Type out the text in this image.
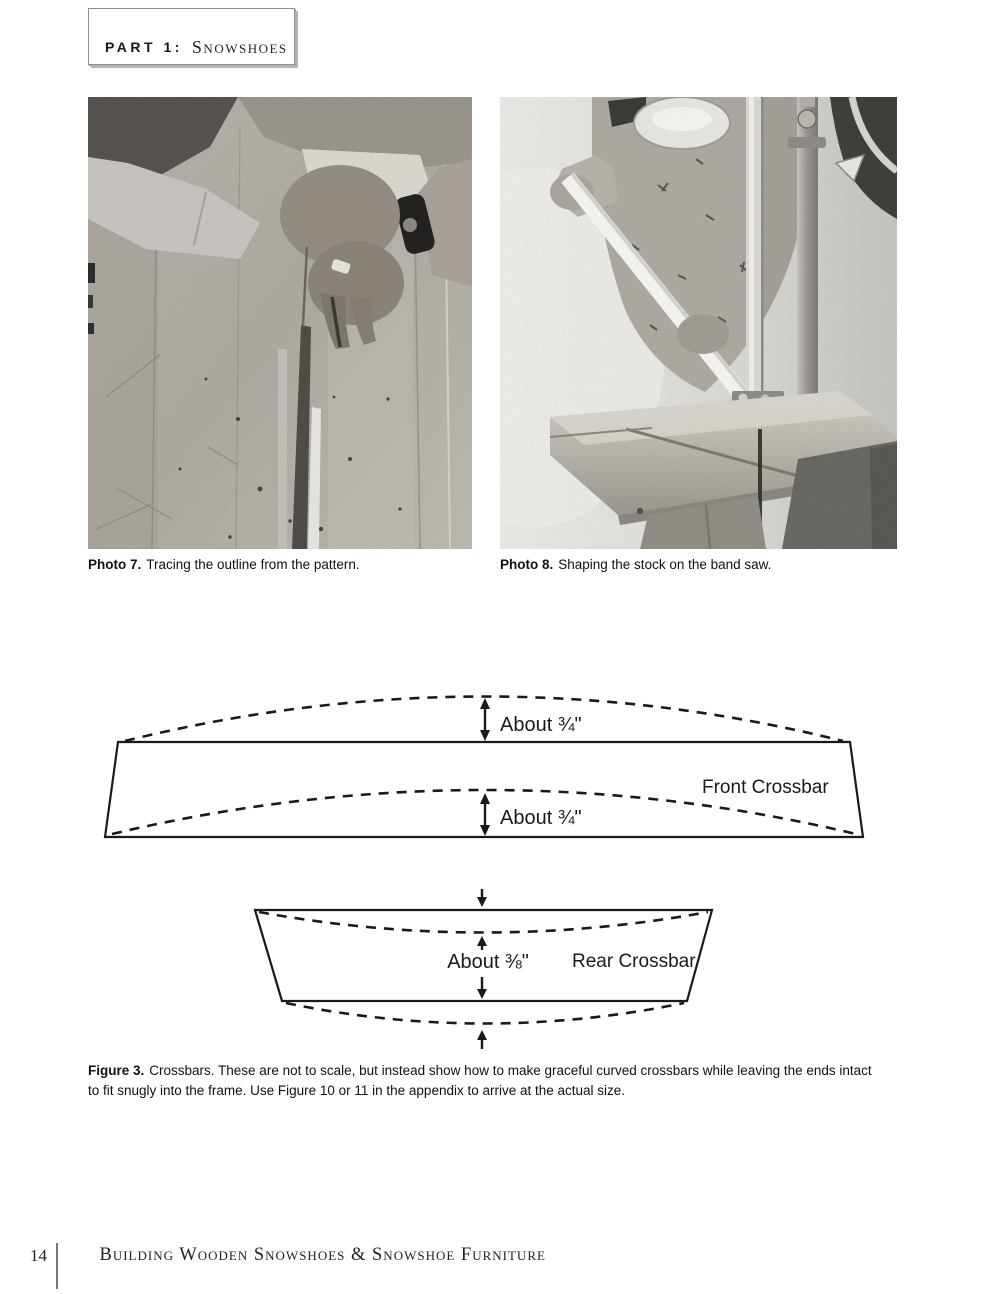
PART 1: Snowshoes
Photo 7. Tracing the outline from the pattern.	Photo 8. Shaping the stock on the band saw.
About ¾"
About ¾"
Front Crossbar
About ⅜" Rear Crossbar
Figure 3. Crossbars. These are not to scale, but instead show how to make graceful curved crossbars while leaving the ends intact to fit snugly into the frame. Use Figure 10 or 11 in the appendix to arrive at the actual size.
14	Building Wooden Snowshoes & Snowshoe Furniture
